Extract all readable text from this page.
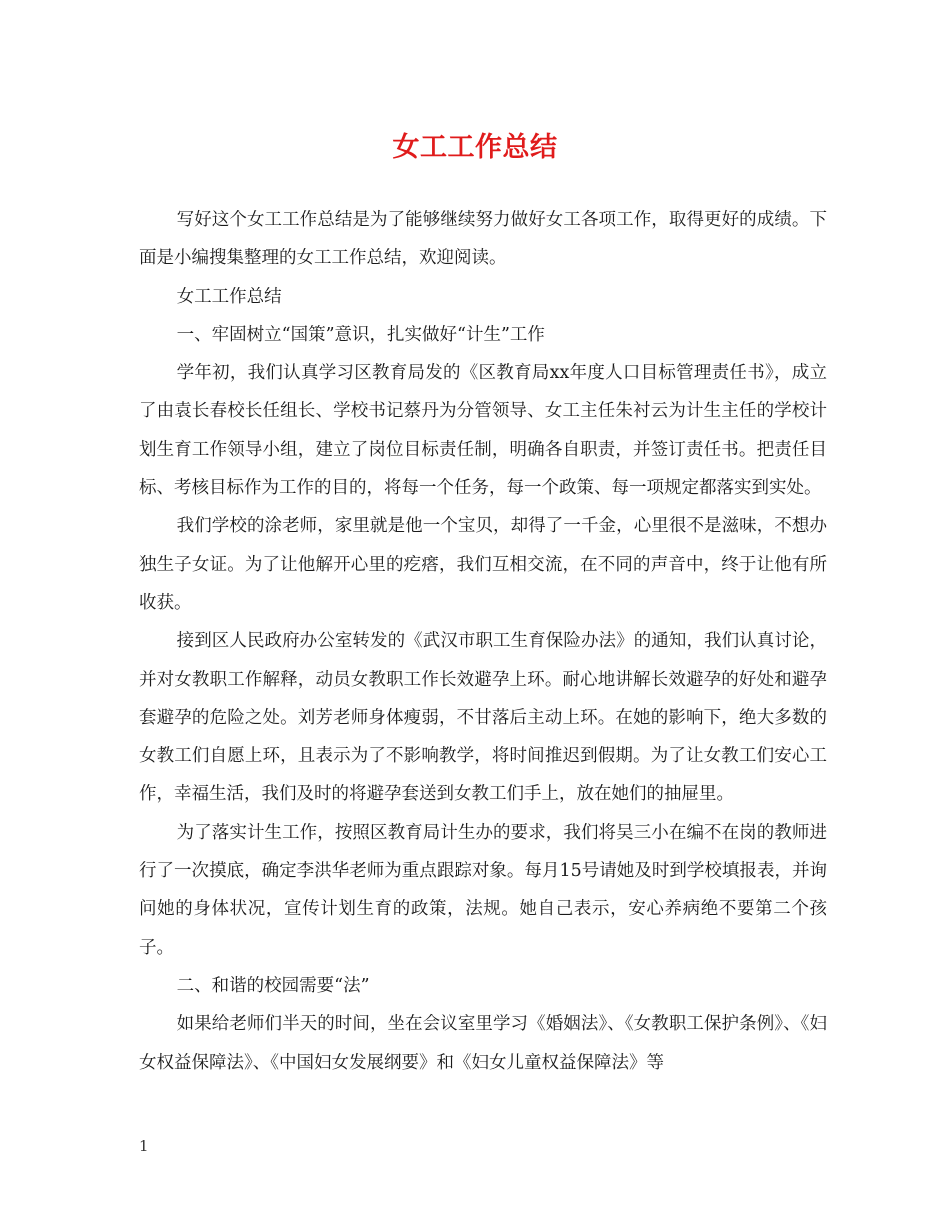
女工工作总结

写好这个女工工作总结是为了能够继续努力做好女工各项工作，取得更好的成绩。下面是小编搜集整理的女工工作总结，欢迎阅读。

女工工作总结

一、牢固树立“国策”意识，扎实做好“计生”工作

学年初，我们认真学习区教育局发的《区教育局xx年度人口目标管理责任书》，成立了由袁长春校长任组长、学校书记蔡丹为分管领导、女工主任朱衬云为计生主任的学校计划生育工作领导小组，建立了岗位目标责任制，明确各自职责，并签订责任书。把责任目标、考核目标作为工作的目的，将每一个任务，每一个政策、每一项规定都落实到实处。

我们学校的涂老师，家里就是他一个宝贝，却得了一千金，心里很不是滋味，不想办独生子女证。为了让他解开心里的疙瘩，我们互相交流，在不同的声音中，终于让他有所收获。

接到区人民政府办公室转发的《武汉市职工生育保险办法》的通知，我们认真讨论，并对女教职工作解释，动员女教职工作长效避孕上环。耐心地讲解长效避孕的好处和避孕套避孕的危险之处。刘芳老师身体瘦弱，不甘落后主动上环。在她的影响下，绝大多数的女教工们自愿上环，且表示为了不影响教学，将时间推迟到假期。为了让女教工们安心工作，幸福生活，我们及时的将避孕套送到女教工们手上，放在她们的抽屉里。

为了落实计生工作，按照区教育局计生办的要求，我们将吴三小在编不在岗的教师进行了一次摸底，确定李洪华老师为重点跟踪对象。每月15号请她及时到学校填报表，并询问她的身体状况，宣传计划生育的政策，法规。她自己表示，安心养病绝不要第二个孩子。

二、和谐的校园需要“法”

如果给老师们半天的时间，坐在会议室里学习《婚姻法》、《女教职工保护条例》、《妇女权益保障法》、《中国妇女发展纲要》和《妇女儿童权益保障法》等

1
